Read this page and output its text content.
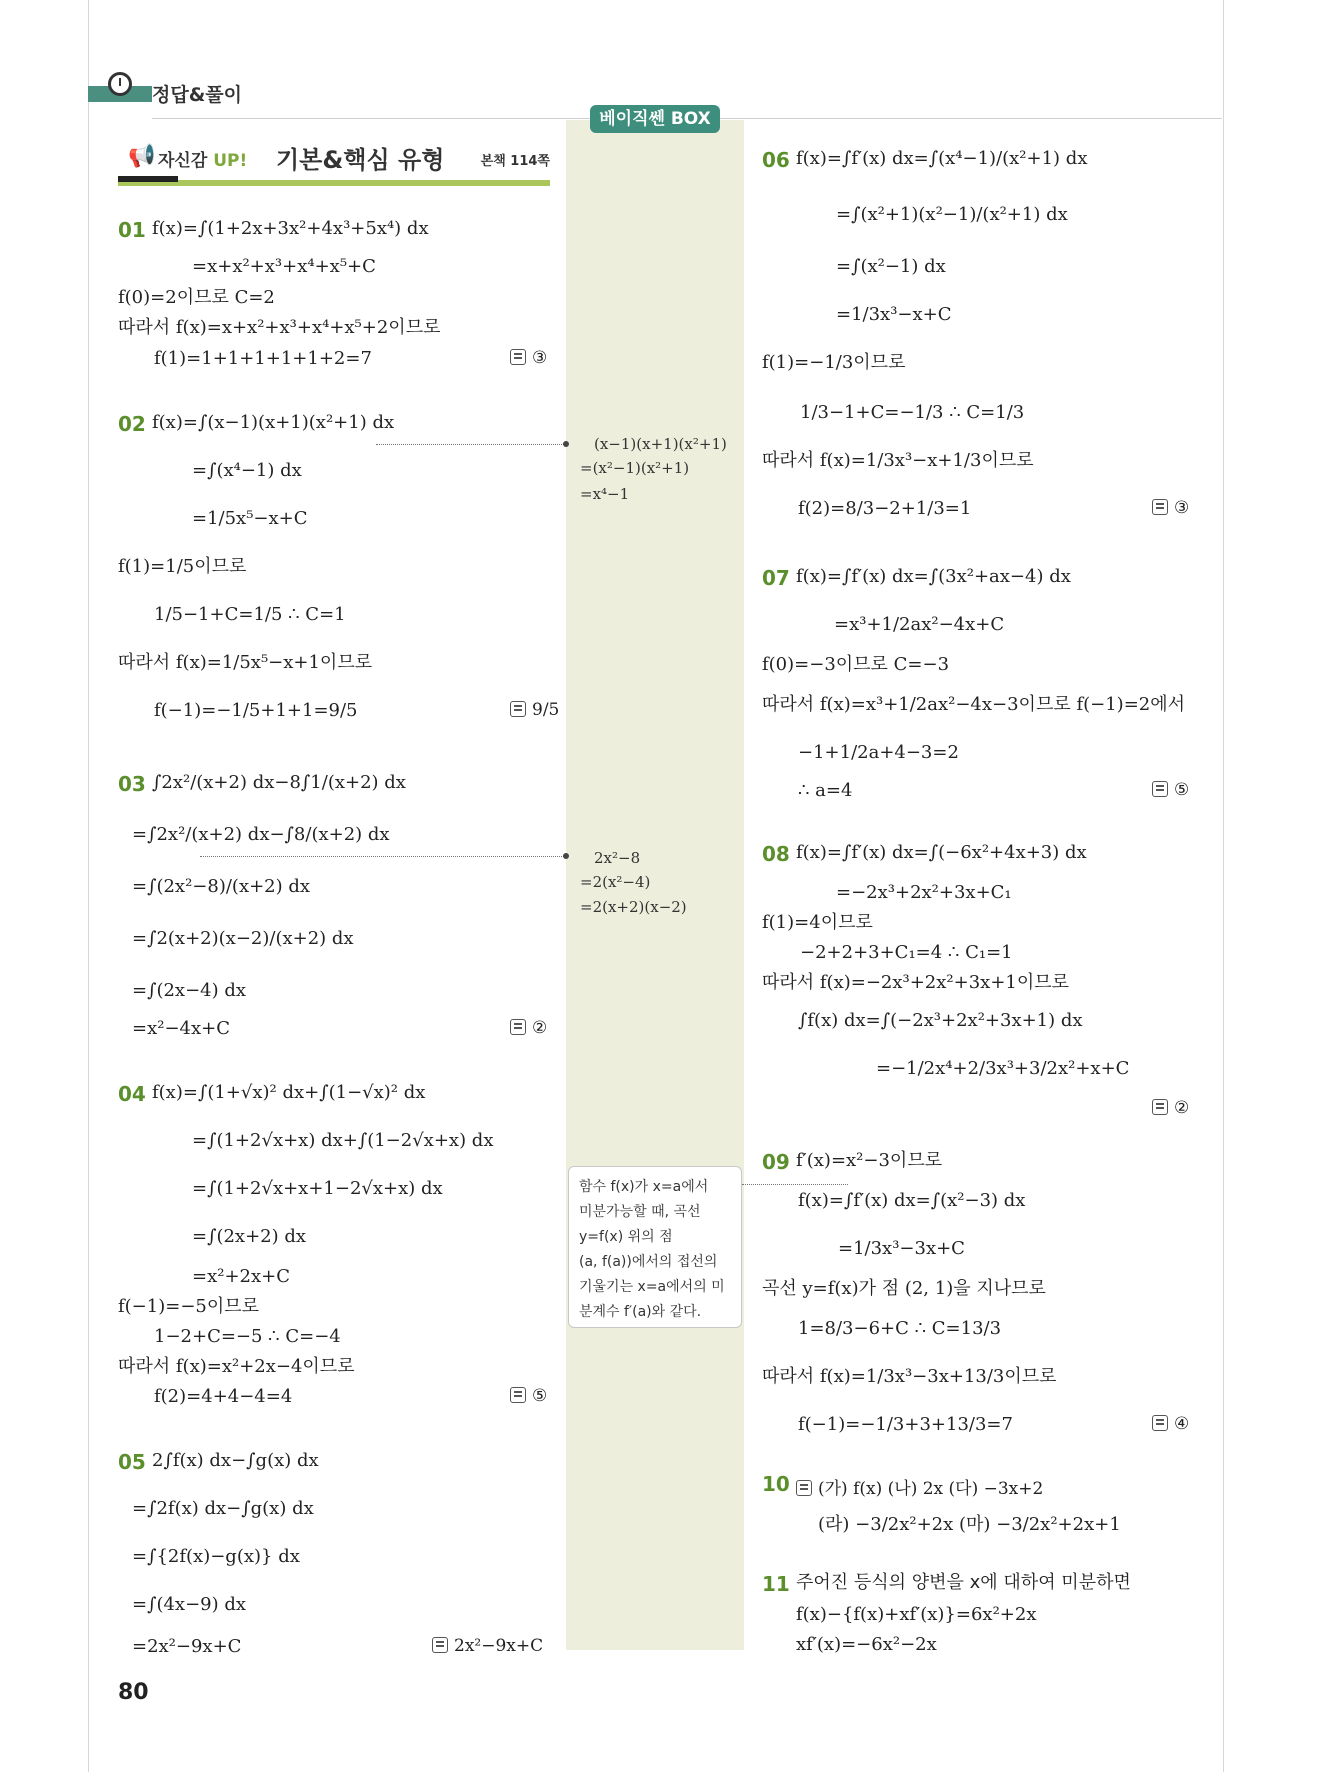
정답&풀이
베이직쎈 BOX
📢 자신감 UP! 기본&핵심 유형	본책 114쪽
01 f(x)=∫(1+2x+3x²+4x³+5x⁴) dx
=x+x²+x³+x⁴+x⁵+C
f(0)=2이므로 C=2
따라서 f(x)=x+x²+x³+x⁴+x⁵+2이므로
f(1)=1+1+1+1+1+2=7	③
02 f(x)=∫(x−1)(x+1)(x²+1) dx
=∫(x⁴−1) dx
=1/5x⁵−x+C
f(1)=1/5이므로
1/5−1+C=1/5 ∴ C=1
따라서 f(x)=1/5x⁵−x+1이므로
f(−1)=−1/5+1+1=9/5	9/5
03 ∫2x²/(x+2) dx−8∫1/(x+2) dx
=∫2x²/(x+2) dx−∫8/(x+2) dx
=∫(2x²−8)/(x+2) dx
=∫2(x+2)(x−2)/(x+2) dx
=∫(2x−4) dx
=x²−4x+C	②
04 f(x)=∫(1+√x)² dx+∫(1−√x)² dx
=∫(1+2√x+x) dx+∫(1−2√x+x) dx
=∫(1+2√x+x+1−2√x+x) dx
=∫(2x+2) dx
=x²+2x+C
f(−1)=−5이므로
1−2+C=−5 ∴ C=−4
따라서 f(x)=x²+2x−4이므로
f(2)=4+4−4=4	⑤
05 2∫f(x) dx−∫g(x) dx
=∫2f(x) dx−∫g(x) dx
=∫{2f(x)−g(x)} dx
=∫(4x−9) dx
=2x²−9x+C	2x²−9x+C
80
(x−1)(x+1)(x²+1)
=(x²−1)(x²+1)
=x⁴−1
2x²−8
=2(x²−4)
=2(x+2)(x−2)
함수 f(x)가 x=a에서
미분가능할 때, 곡선
y=f(x) 위의 점
(a, f(a))에서의 접선의
기울기는 x=a에서의 미
분계수 f′(a)와 같다.
06 f(x)=∫f′(x) dx=∫(x⁴−1)/(x²+1) dx
=∫(x²+1)(x²−1)/(x²+1) dx
=∫(x²−1) dx
=1/3x³−x+C
f(1)=−1/3이므로
1/3−1+C=−1/3 ∴ C=1/3
따라서 f(x)=1/3x³−x+1/3이므로
f(2)=8/3−2+1/3=1	③
07 f(x)=∫f′(x) dx=∫(3x²+ax−4) dx
=x³+1/2ax²−4x+C
f(0)=−3이므로 C=−3
따라서 f(x)=x³+1/2ax²−4x−3이므로 f(−1)=2에서
−1+1/2a+4−3=2
∴ a=4	⑤
08 f(x)=∫f′(x) dx=∫(−6x²+4x+3) dx
=−2x³+2x²+3x+C₁
f(1)=4이므로
−2+2+3+C₁=4 ∴ C₁=1
따라서 f(x)=−2x³+2x²+3x+1이므로
∫f(x) dx=∫(−2x³+2x²+3x+1) dx
=−1/2x⁴+2/3x³+3/2x²+x+C
②
09 f′(x)=x²−3이므로
f(x)=∫f′(x) dx=∫(x²−3) dx
=1/3x³−3x+C
곡선 y=f(x)가 점 (2, 1)을 지나므로
1=8/3−6+C ∴ C=13/3
따라서 f(x)=1/3x³−3x+13/3이므로
f(−1)=−1/3+3+13/3=7	④
10	(가) f(x) (나) 2x (다) −3x+2
(라) −3/2x²+2x (마) −3/2x²+2x+1
11 주어진 등식의 양변을 x에 대하여 미분하면
f(x)−{f(x)+xf′(x)}=6x²+2x
xf′(x)=−6x²−2x
